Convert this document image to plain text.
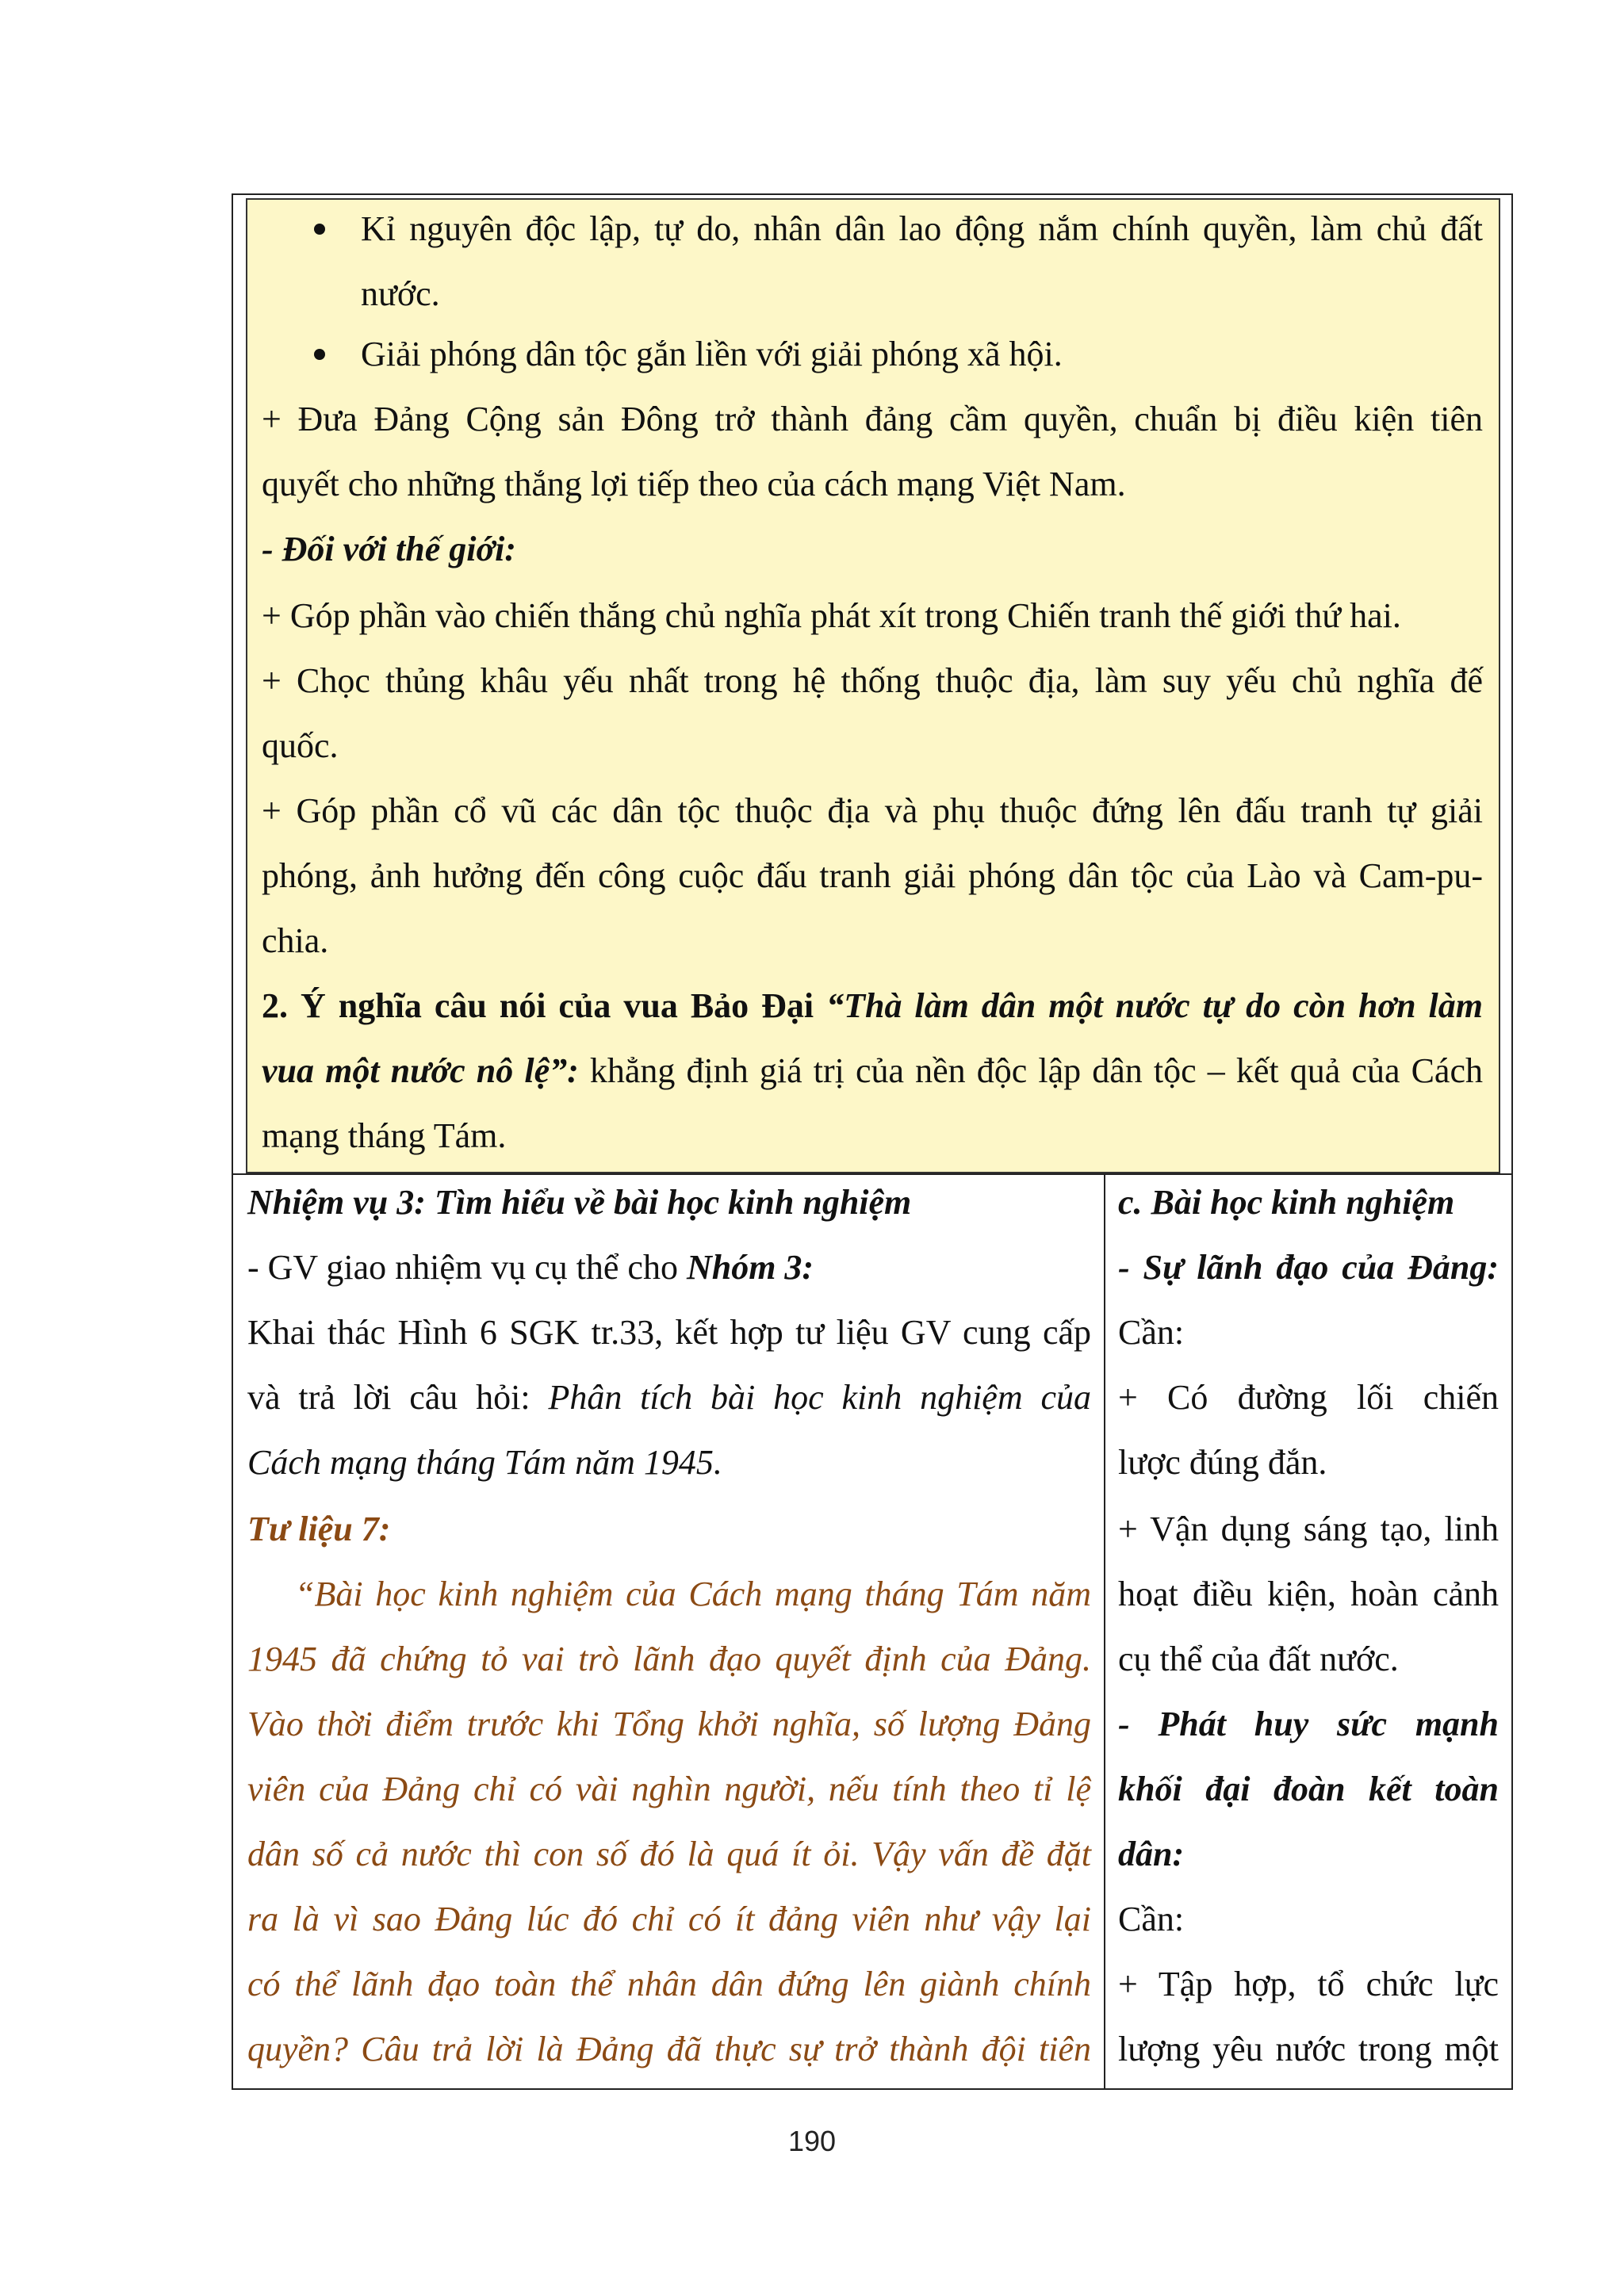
Kỉ nguyên độc lập, tự do, nhân dân lao động nắm chính quyền, làm chủ đất
nước.
Giải phóng dân tộc gắn liền với giải phóng xã hội.
+ Đưa Đảng Cộng sản Đông trở thành đảng cầm quyền, chuẩn bị điều kiện tiên
quyết cho những thắng lợi tiếp theo của cách mạng Việt Nam.
- Đối với thế giới:
+ Góp phần vào chiến thắng chủ nghĩa phát xít trong Chiến tranh thế giới thứ hai.
+ Chọc thủng khâu yếu nhất trong hệ thống thuộc địa, làm suy yếu chủ nghĩa đế
quốc.
+ Góp phần cổ vũ các dân tộc thuộc địa và phụ thuộc đứng lên đấu tranh tự giải
phóng, ảnh hưởng đến công cuộc đấu tranh giải phóng dân tộc của Lào và Cam-pu-
chia.
2. Ý nghĩa câu nói của vua Bảo Đại “Thà làm dân một nước tự do còn hơn làm
vua một nước nô lệ”: khẳng định giá trị của nền độc lập dân tộc – kết quả của Cách
mạng tháng Tám.
Nhiệm vụ 3: Tìm hiểu về bài học kinh nghiệm
- GV giao nhiệm vụ cụ thể cho Nhóm 3:
Khai thác Hình 6 SGK tr.33, kết hợp tư liệu GV cung cấp
và trả lời câu hỏi: Phân tích bài học kinh nghiệm của
Cách mạng tháng Tám năm 1945.
Tư liệu 7:
“Bài học kinh nghiệm của Cách mạng tháng Tám năm
1945 đã chứng tỏ vai trò lãnh đạo quyết định của Đảng.
Vào thời điểm trước khi Tổng khởi nghĩa, số lượng Đảng
viên của Đảng chỉ có vài nghìn người, nếu tính theo tỉ lệ
dân số cả nước thì con số đó là quá ít ỏi. Vậy vấn đề đặt
ra là vì sao Đảng lúc đó chỉ có ít đảng viên như vậy lại
có thể lãnh đạo toàn thể nhân dân đứng lên giành chính
quyền? Câu trả lời là Đảng đã thực sự trở thành đội tiên
c. Bài học kinh nghiệm
- Sự lãnh đạo của Đảng:
Cần:
+ Có đường lối chiến
lược đúng đắn.
+ Vận dụng sáng tạo, linh
hoạt điều kiện, hoàn cảnh
cụ thể của đất nước.
- Phát huy sức mạnh
khối đại đoàn kết toàn
dân:
Cần:
+ Tập hợp, tổ chức lực
lượng yêu nước trong một
190
